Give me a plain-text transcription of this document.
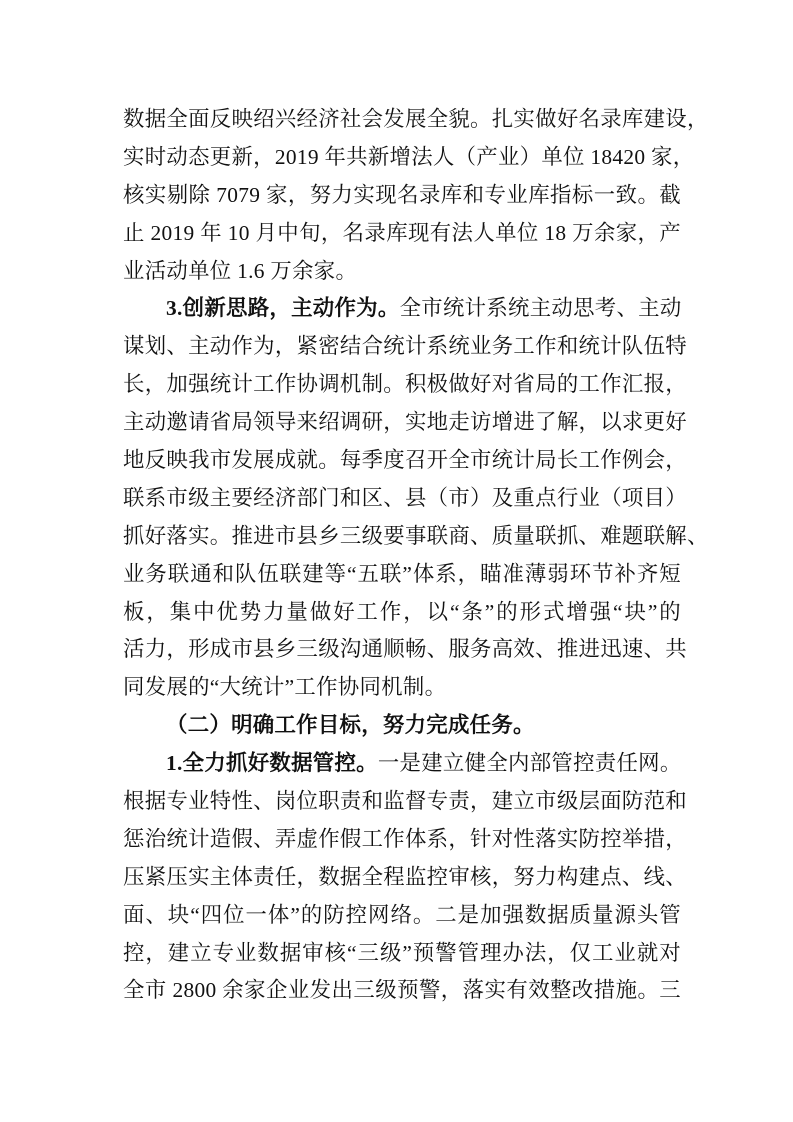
数据全面反映绍兴经济社会发展全貌。扎实做好名录库建设，
实时动态更新，2019 年共新增法人（产业）单位 18420 家，
核实剔除 7079 家，努力实现名录库和专业库指标一致。截
止 2019 年 10 月中旬，名录库现有法人单位 18 万余家，产
业活动单位 1.6 万余家。
3.创新思路，主动作为。全市统计系统主动思考、主动
谋划、主动作为，紧密结合统计系统业务工作和统计队伍特
长，加强统计工作协调机制。积极做好对省局的工作汇报，
主动邀请省局领导来绍调研，实地走访增进了解，以求更好
地反映我市发展成就。每季度召开全市统计局长工作例会，
联系市级主要经济部门和区、县（市）及重点行业（项目）
抓好落实。推进市县乡三级要事联商、质量联抓、难题联解、
业务联通和队伍联建等“五联”体系，瞄准薄弱环节补齐短
板，集中优势力量做好工作，以“条”的形式增强“块”的
活力，形成市县乡三级沟通顺畅、服务高效、推进迅速、共
同发展的“大统计”工作协同机制。
（二）明确工作目标，努力完成任务。
1.全力抓好数据管控。一是建立健全内部管控责任网。
根据专业特性、岗位职责和监督专责，建立市级层面防范和
惩治统计造假、弄虚作假工作体系，针对性落实防控举措，
压紧压实主体责任，数据全程监控审核，努力构建点、线、
面、块“四位一体”的防控网络。二是加强数据质量源头管
控，建立专业数据审核“三级”预警管理办法，仅工业就对
全市 2800 余家企业发出三级预警，落实有效整改措施。三
